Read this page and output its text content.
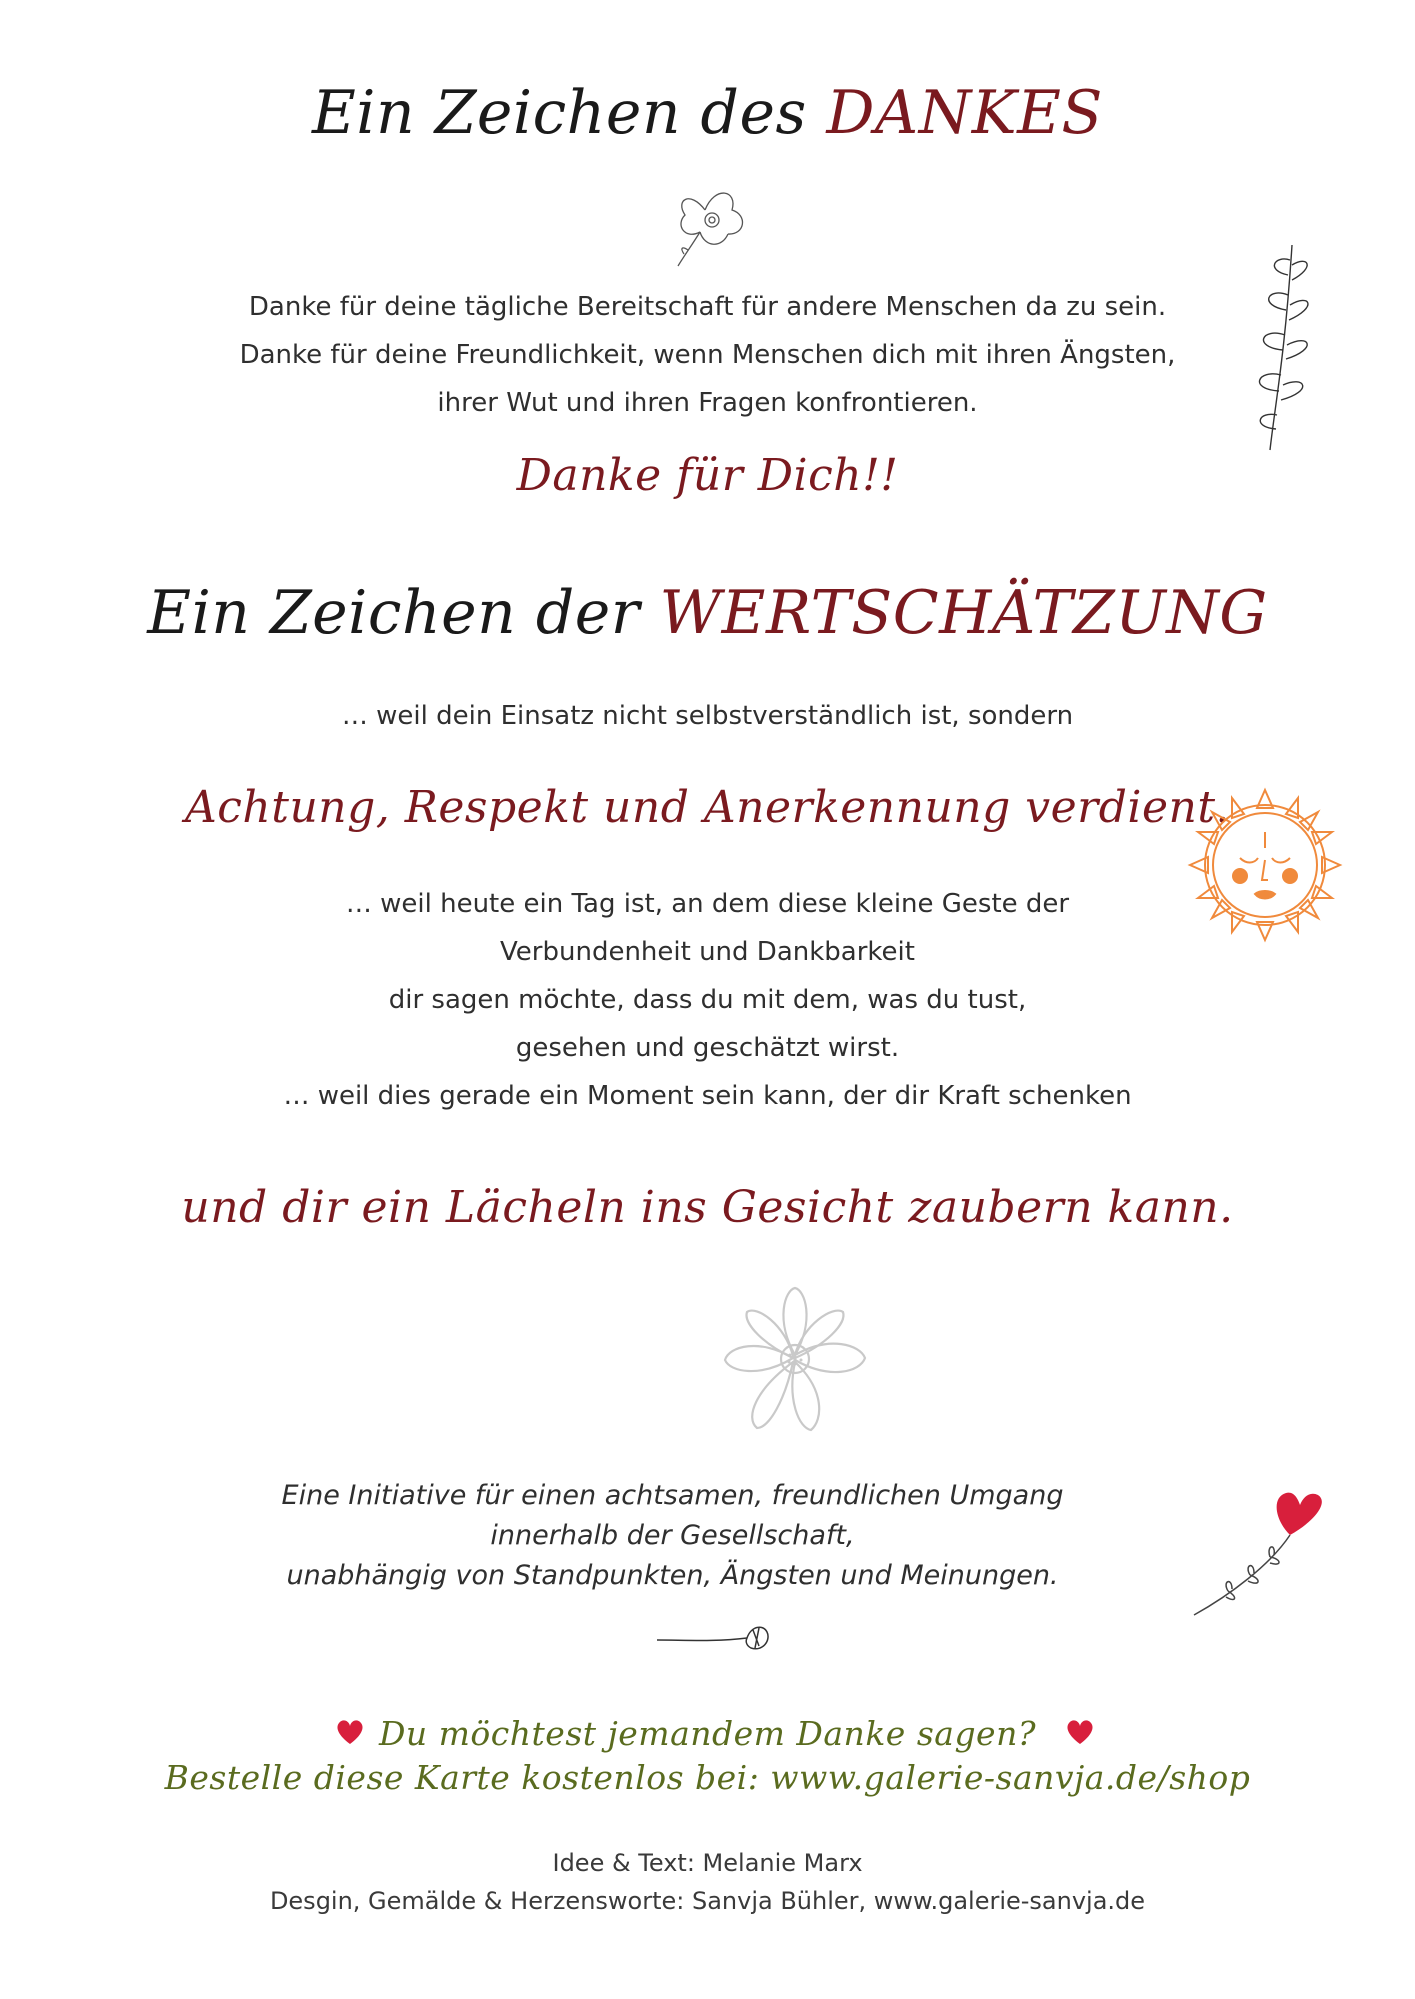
Ein Zeichen des DANKES
Danke für deine tägliche Bereitschaft für andere Menschen da zu sein.
Danke für deine Freundlichkeit, wenn Menschen dich mit ihren Ängsten,
ihrer Wut und ihren Fragen konfrontieren.
Danke für Dich!!
Ein Zeichen der WERTSCHÄTZUNG
… weil dein Einsatz nicht selbstverständlich ist, sondern
Achtung, Respekt und Anerkennung verdient.
… weil heute ein Tag ist, an dem diese kleine Geste der
Verbundenheit und Dankbarkeit
dir sagen möchte, dass du mit dem, was du tust,
gesehen und geschätzt wirst.
… weil dies gerade ein Moment sein kann, der dir Kraft schenken
und dir ein Lächeln ins Gesicht zaubern kann.
Eine Initiative für einen achtsamen, freundlichen Umgang
innerhalb der Gesellschaft,
unabhängig von Standpunkten, Ängsten und Meinungen.
Du möchtest jemandem Danke sagen?
Bestelle diese Karte kostenlos bei: www.galerie-sanvja.de/shop
Idee & Text: Melanie Marx
Desgin, Gemälde & Herzensworte: Sanvja Bühler, www.galerie-sanvja.de
